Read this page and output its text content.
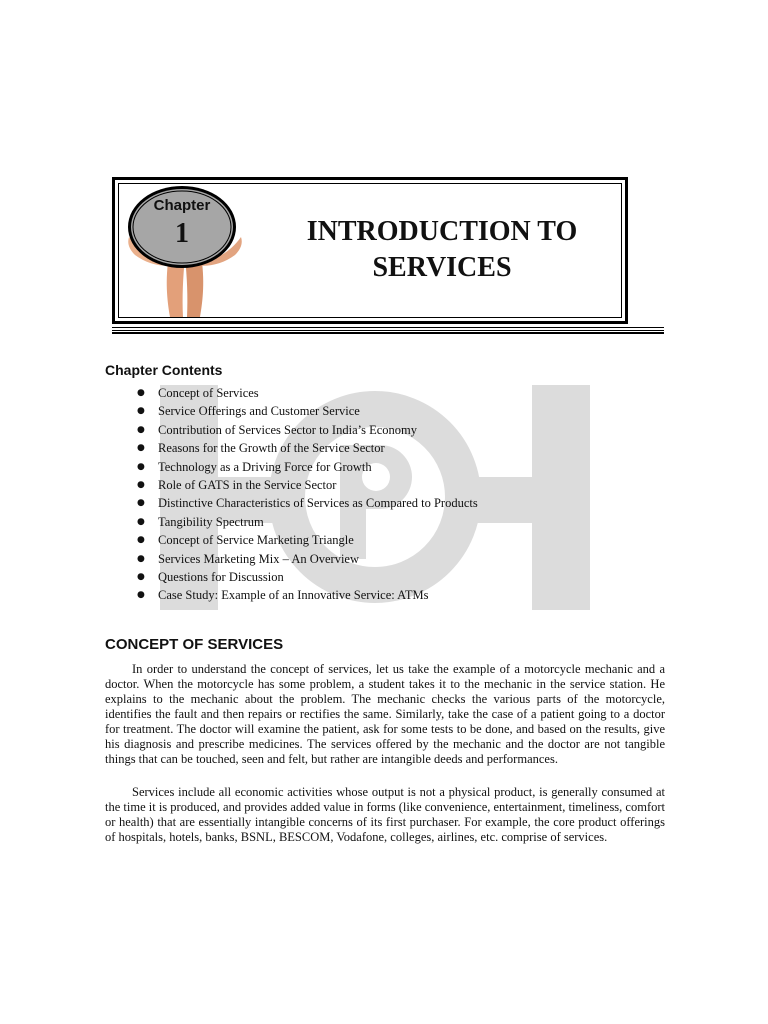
Chapter
1	INTRODUCTION TO
SERVICES
Chapter Contents
● Concept of Services
● Service Offerings and Customer Service
● Contribution of Services Sector to India’s Economy
● Reasons for the Growth of the Service Sector
● Technology as a Driving Force for Growth
● Role of GATS in the Service Sector
● Distinctive Characteristics of Services as Compared to Products
● Tangibility Spectrum
● Concept of Service Marketing Triangle
● Services Marketing Mix – An Overview
● Questions for Discussion
● Case Study: Example of an Innovative Service: ATMs
CONCEPT OF SERVICES

In order to understand the concept of services, let us take the example of a motorcycle mechanic and a doctor. When the motorcycle has some problem, a student takes it to the mechanic in the service station. He explains to the mechanic about the problem. The mechanic checks the various parts of the motorcycle, identifies the fault and then repairs or rectifies the same. Similarly, take the case of a patient going to a doctor for treatment. The doctor will examine the patient, ask for some tests to be done, and based on the results, give his diagnosis and prescribe medicines. The services offered by the mechanic and the doctor are not tangible things that can be touched, seen and felt, but rather are intangible deeds and performances.

Services include all economic activities whose output is not a physical product, is generally consumed at the time it is produced, and provides added value in forms (like convenience, entertainment, timeliness, comfort or health) that are essentially intangible concerns of its first purchaser. For example, the core product offerings of hospitals, hotels, banks, BSNL, BESCOM, Vodafone, colleges, airlines, etc. comprise of services.
